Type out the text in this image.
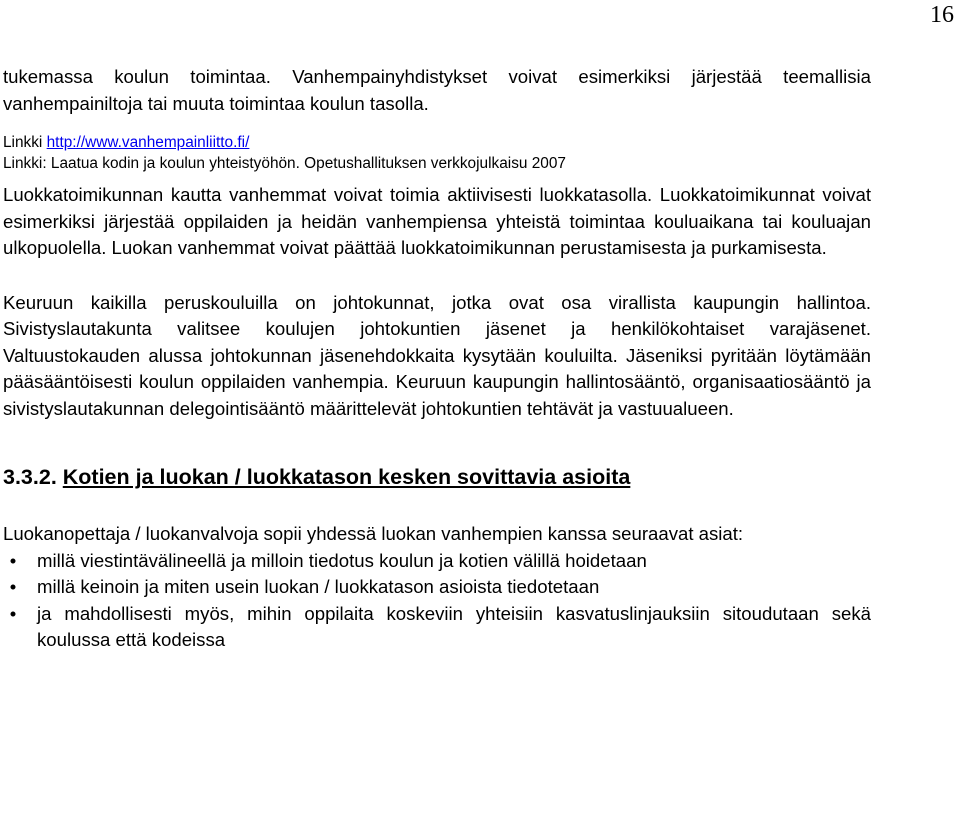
16

tukemassa koulun toimintaa. Vanhempainyhdistykset voivat esimerkiksi järjestää teemallisia vanhempainiltoja tai muuta toimintaa koulun tasolla.

Linkki http://www.vanhempainliitto.fi/

Linkki: Laatua kodin ja koulun yhteistyöhön. Opetushallituksen verkkojulkaisu 2007

Luokkatoimikunnan kautta vanhemmat voivat toimia aktiivisesti luokkatasolla. Luokkatoimikunnat voivat esimerkiksi järjestää oppilaiden ja heidän vanhempiensa yhteistä toimintaa kouluaikana tai kouluajan ulkopuolella. Luokan vanhemmat voivat päättää luokkatoimikunnan perustamisesta ja purkamisesta.

Keuruun kaikilla peruskouluilla on johtokunnat, jotka ovat osa virallista kaupungin hallintoa. Sivistyslautakunta valitsee koulujen johtokuntien jäsenet ja henkilökohtaiset varajäsenet. Valtuustokauden alussa johtokunnan jäsenehdokkaita kysytään kouluilta. Jäseniksi pyritään löytämään pääsääntöisesti koulun oppilaiden vanhempia. Keuruun kaupungin hallintosääntö, organisaatiosääntö ja sivistyslautakunnan delegointisääntö määrittelevät johtokuntien tehtävät ja vastuualueen.

3.3.2. Kotien ja luokan / luokkatason kesken sovittavia asioita

Luokanopettaja / luokanvalvoja sopii yhdessä luokan vanhempien kanssa seuraavat asiat:

•	millä viestintävälineellä ja milloin tiedotus koulun ja kotien välillä hoidetaan
•	millä keinoin ja miten usein luokan / luokkatason asioista tiedotetaan
•	ja mahdollisesti myös, mihin oppilaita koskeviin yhteisiin kasvatuslinjauksiin sitoudutaan sekä koulussa että kodeissa
